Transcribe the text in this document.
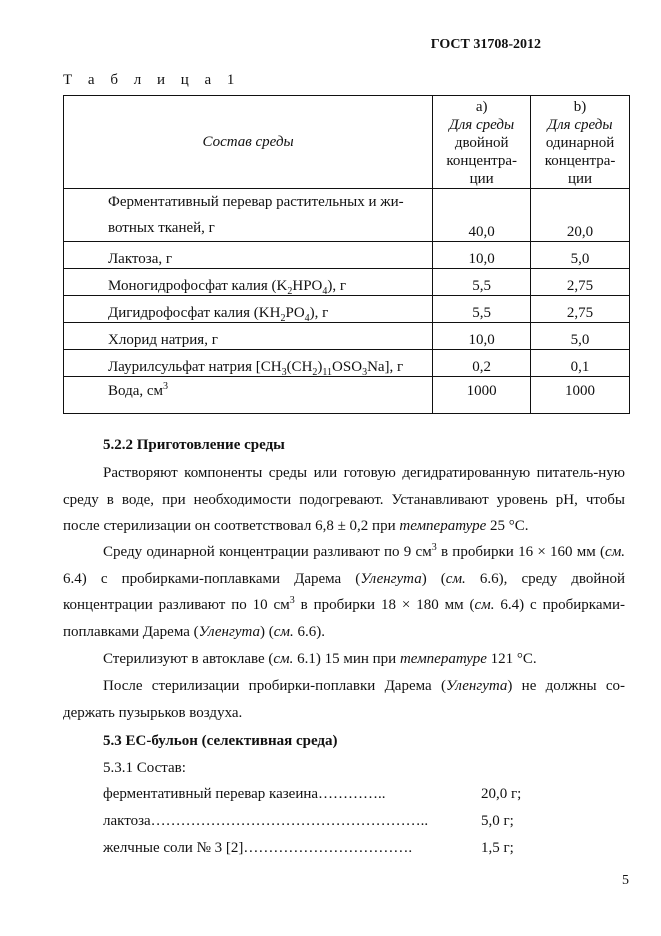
ГОСТ 31708-2012
Т а б л и ц а 1
Состав среды	а)
Для среды
двойной
концентра-
ции	b)
Для среды
одинарной
концентра-
ции

Ферментативный перевар растительных и жи-
вотных тканей, г	40,0	20,0
Лактоза, г	10,0	5,0
Моногидрофосфат калия $(K_2HPO_4)$, г	5,5	2,75
Дигидрофосфат калия $(KH_2PO_4)$, г	5,5	2,75
Хлорид натрия, г	10,0	5,0
Лаурилсульфат натрия $[CH_3(CH_2)_{11}OSO_3Na]$, г	0,2	0,1
Вода, $см^3$	1000	1000
5.2.2 Приготовление среды
Растворяют компоненты среды или готовую дегидратированную питатель-ную среду в воде, при необходимости подогревают. Устанавливают уровень pH, чтобы после стерилизации он соответствовал 6,8 ± 0,2 при температуре 25 °C.
Среду одинарной концентрации разливают по 9 $см^3$ в пробирки 16 × 160 мм (см. 6.4) с пробирками-поплавками Дарема (Уленгута) (см. 6.6), среду двойной концентрации разливают по 10 $см^3$ в пробирки 18 × 180 мм (см. 6.4) с пробирками-поплавками Дарема (Уленгута) (см. 6.6).
Стерилизуют в автоклаве (см. 6.1) 15 мин при температуре 121 °C.
После стерилизации пробирки-поплавки Дарема (Уленгута) не должны со-держать пузырьков воздуха.
5.3 ЕС-бульон (селективная среда)
5.3.1 Состав:
ферментативный перевар казеина…………..	20,0 г;
лактоза………………………………………………..	5,0 г;
желчные соли № 3 [2]…………………………….	1,5 г;
5
